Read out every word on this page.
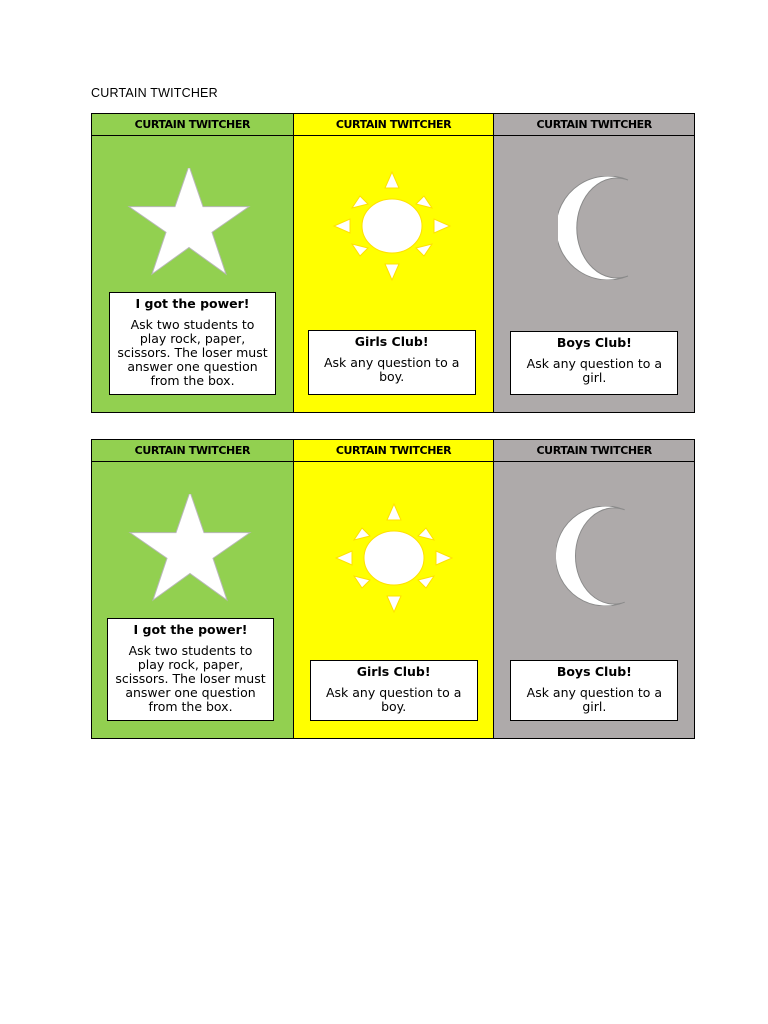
CURTAIN TWITCHER
CURTAIN TWITCHER
I got the power!
Ask two students to play rock, paper, scissors. The loser must answer one question from the box.
CURTAIN TWITCHER
Girls Club!
Ask any question to a boy.
CURTAIN TWITCHER
Boys Club!
Ask any question to a girl.
CURTAIN TWITCHER
I got the power!
Ask two students to play rock, paper, scissors. The loser must answer one question from the box.
CURTAIN TWITCHER
Girls Club!
Ask any question to a boy.
CURTAIN TWITCHER
Boys Club!
Ask any question to a girl.
